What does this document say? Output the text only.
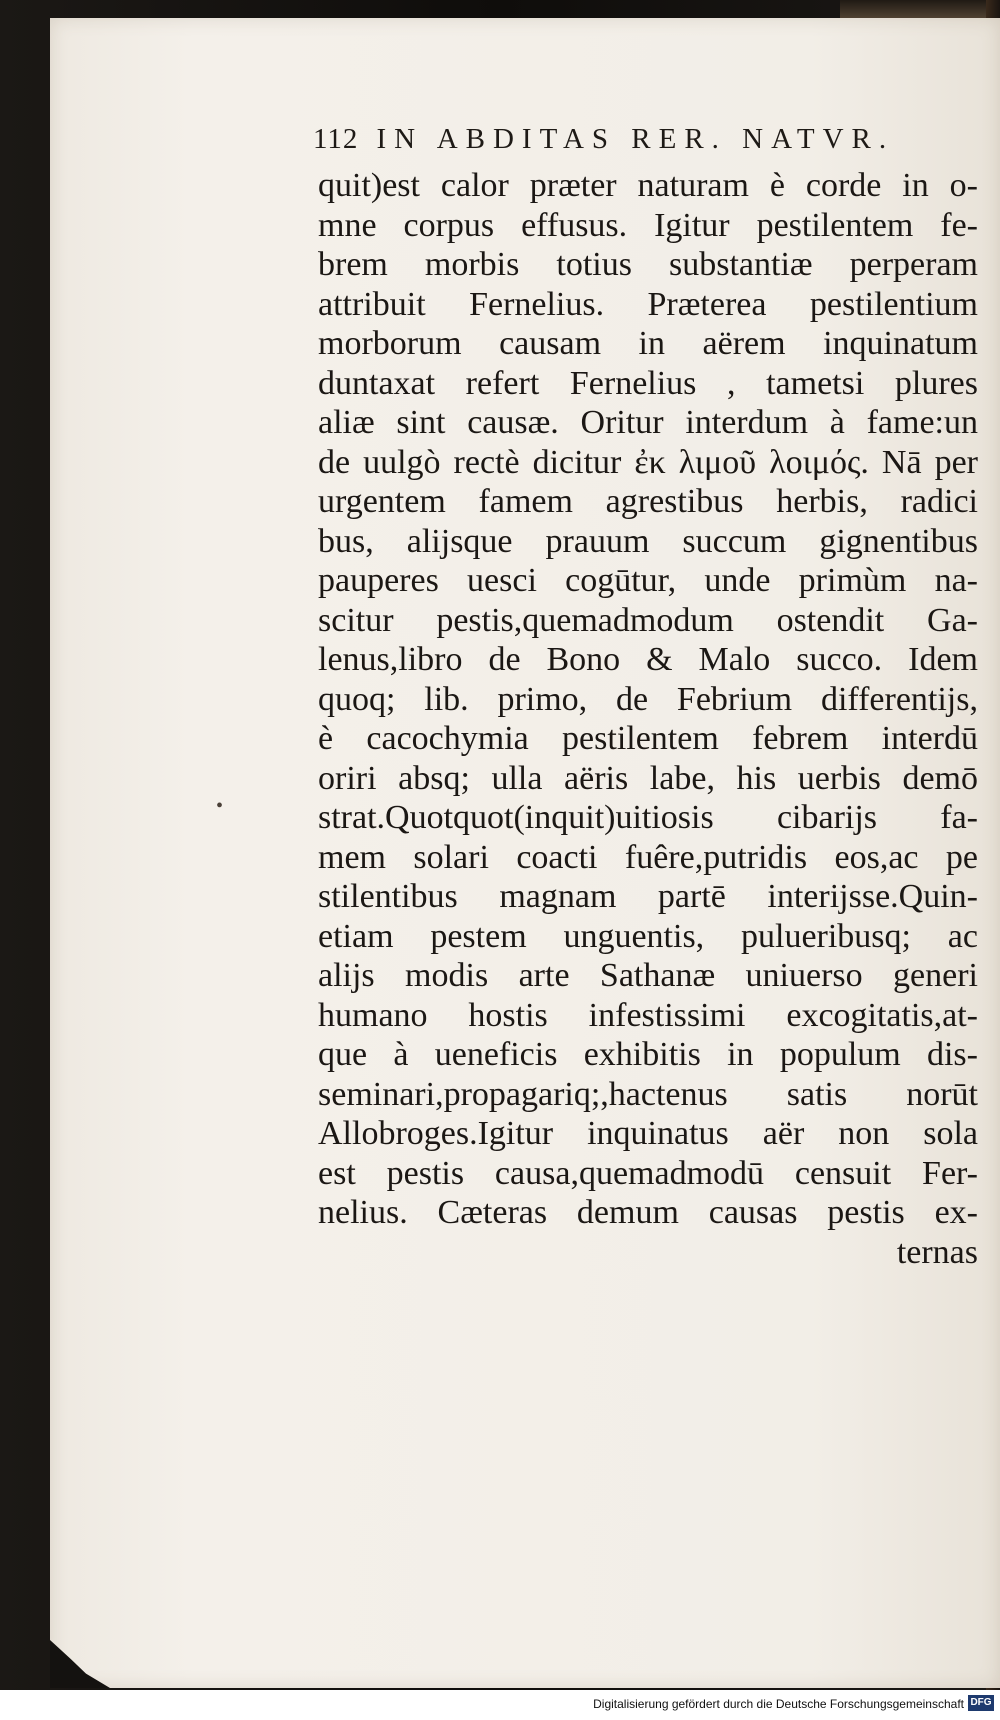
112 IN ABDITAS RER. NATVR.
•
quit)est calor præter naturam è corde in o-
mne corpus effusus. Igitur pestilentem fe-
brem morbis totius substantiæ perperam
attribuit Fernelius. Præterea pestilentium
morborum causam in aërem inquinatum
duntaxat refert Fernelius , tametsi plures
aliæ sint causæ. Oritur interdum à fame:un
de uulgò rectè dicitur ἐκ λιμοῦ λοιμός. Nā per
urgentem famem agrestibus herbis, radici
bus, alijsque prauum succum gignentibus
pauperes uesci cogūtur, unde primùm na-
scitur pestis,quemadmodum ostendit Ga-
lenus,libro de Bono & Malo succo. Idem
quoq; lib. primo, de Febrium differentijs,
è cacochymia pestilentem febrem interdū
oriri absq; ulla aëris labe, his uerbis demō
strat.Quotquot(inquit)uitiosis cibarijs fa-
mem solari coacti fuêre,putridis eos,ac pe
stilentibus magnam partē interijsse.Quin-
etiam pestem unguentis, pulueribusq; ac
alijs modis arte Sathanæ uniuerso generi
humano hostis infestissimi excogitatis,at-
que à ueneficis exhibitis in populum dis-
seminari,propagariq;,hactenus satis norūt
Allobroges.Igitur inquinatus aër non sola
est pestis causa,quemadmodū censuit Fer-
nelius. Cæteras demum causas pestis ex-
ternas
Digitalisierung gefördert durch die Deutsche Forschungsgemeinschaft DFG
